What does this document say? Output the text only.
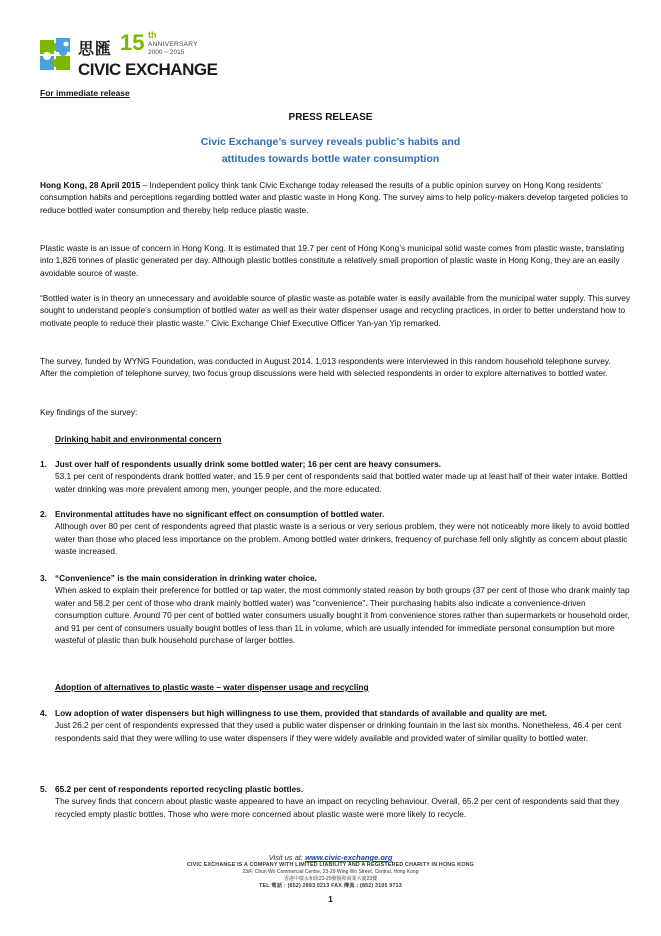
思匯 15 th
ANNIVERSARY
2000 ~ 2015
CIVIC EXCHANGE
For immediate release
PRESS RELEASE
Civic Exchange’s survey reveals public’s habits and
attitudes towards bottle water consumption

Hong Kong, 28 April 2015 – Independent policy think tank Civic Exchange today released the results of a public opinion survey on Hong Kong residents’ consumption habits and perceptions regarding bottled water and plastic waste in Hong Kong. The survey aims to help policy-makers develop targeted policies to reduce bottled water consumption and thereby help reduce plastic waste.

Plastic waste is an issue of concern in Hong Kong. It is estimated that 19.7 per cent of Hong Kong’s municipal solid waste comes from plastic waste, translating into 1,826 tonnes of plastic generated per day. Although plastic bottles constitute a relatively small proportion of plastic waste in Hong Kong, they are an easily avoidable source of waste.

“Bottled water is in theory an unnecessary and avoidable source of plastic waste as potable water is easily available from the municipal water supply. This survey sought to understand people’s consumption of bottled water as well as their water dispenser usage and recycling practices, in order to better understand how to motivate people to reduce their plastic waste.” Civic Exchange Chief Executive Officer Yan-yan Yip remarked.

The survey, funded by WYNG Foundation, was conducted in August 2014. 1,013 respondents were interviewed in this random household telephone survey. After the completion of telephone survey, two focus group discussions were held with selected respondents in order to explore alternatives to bottled water.

Key findings of the survey:

Drinking habit and environmental concern
1. Just over half of respondents usually drink some bottled water; 16 per cent are heavy consumers.
53.1 per cent of respondents drank bottled water, and 15.9 per cent of respondents said that bottled water made up at least half of their water intake. Bottled water drinking was more prevalent among men, younger people, and the more educated.
2. Environmental attitudes have no significant effect on consumption of bottled water.
Although over 80 per cent of respondents agreed that plastic waste is a serious or very serious problem, they were not noticeably more likely to avoid bottled water than those who placed less importance on the problem. Among bottled water drinkers, frequency of purchase fell only slightly as concern about plastic waste increased.
3. “Convenience” is the main consideration in drinking water choice.
When asked to explain their preference for bottled or tap water, the most commonly stated reason by both groups (37 per cent of those who drank mainly tap water and 58.2 per cent of those who drank mainly bottled water) was "convenience". Their purchasing habits also indicate a convenience-driven consumption culture. Around 70 per cent of bottled water consumers usually bought it from convenience stores rather than supermarkets or household order, and 91 per cent of consumers usually bought bottles of less than 1L in volume, which are usually intended for immediate personal consumption but more wasteful of plastic than bulk household purchase of larger bottles.
Adoption of alternatives to plastic waste – water dispenser usage and recycling
4. Low adoption of water dispensers but high willingness to use them, provided that standards of available and quality are met.
Just 26.2 per cent of respondents expressed that they used a public water dispenser or drinking fountain in the last six months. Nonetheless, 46.4 per cent respondents said that they were willing to use water dispensers if they were widely available and provided water of similar quality to bottled water.
5. 65.2 per cent of respondents reported recycling plastic bottles.
The survey finds that concern about plastic waste appeared to have an impact on recycling behaviour. Overall, 65.2 per cent of respondents said that they recycled empty plastic bottles. Those who were more concerned about plastic waste were more likely to recycle.
Visit us at: www.civic-exchange.org
CIVIC EXCHANGE IS A COMPANY WITH LIMITED LIABILITY AND A REGISTERED CHARITY IN HONG KONG
23/F, Chun Wo Commercial Centre, 23-29 Wing Wo Street, Central, Hong Kong
香港中環永和街23-29號俊和商業大廈23樓
TEL 電話 : (852) 2893 0213 FAX 傳真 : (852) 3105 9713
1
